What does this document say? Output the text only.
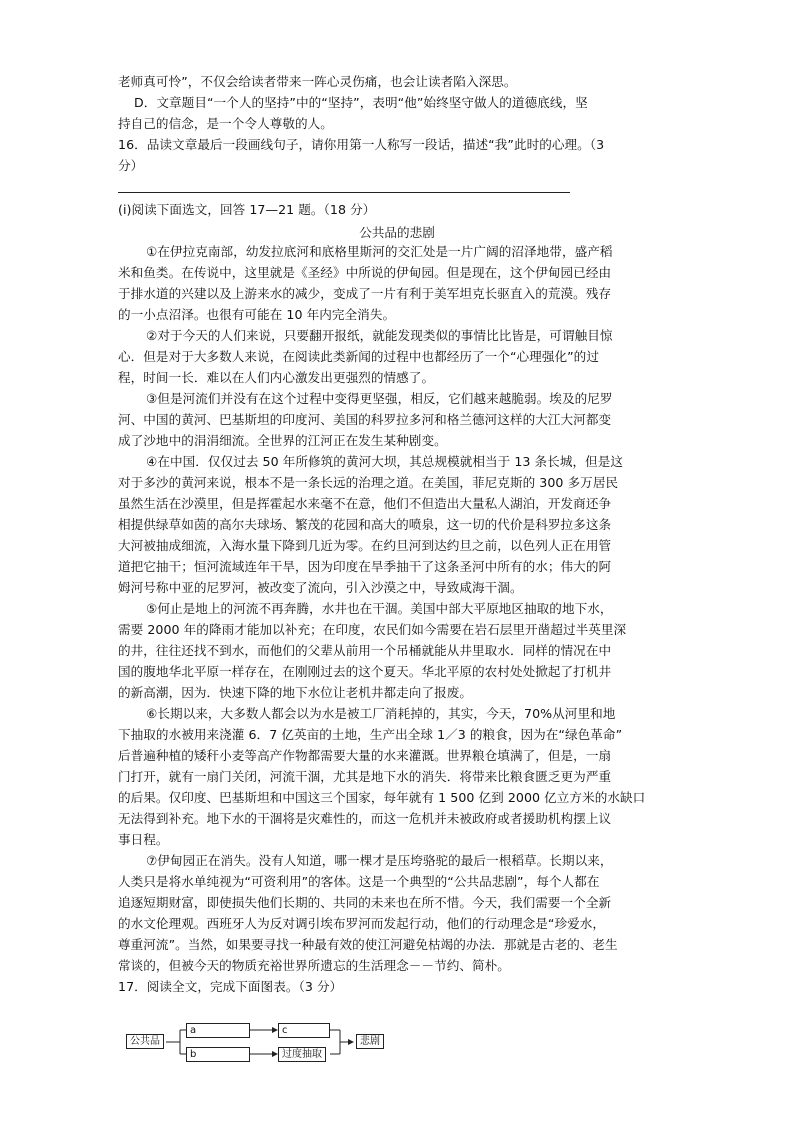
老师真可怜”，不仅会给读者带来一阵心灵伤痛，也会让读者陷入深思。
D．文章题目“一个人的坚持”中的“坚持”，表明“他”始终坚守做人的道德底线，坚
持自己的信念，是一个令人尊敬的人。
16．品读文章最后一段画线句子，请你用第一人称写一段话，描述“我”此时的心理。（3
分）
(i)阅读下面选文，回答 17—21 题。（18 分）
公共品的悲剧
①在伊拉克南部，幼发拉底河和底格里斯河的交汇处是一片广阔的沼泽地带，盛产稻
米和鱼类。在传说中，这里就是《圣经》中所说的伊甸园。但是现在，这个伊甸园已经由
于排水道的兴建以及上游来水的减少，变成了一片有利于美军坦克长驱直入的荒漠。残存
的一小点沼泽。也很有可能在 10 年内完全消失。
②对于今天的人们来说，只要翻开报纸，就能发现类似的事情比比皆是，可谓触目惊
心．但是对于大多数人来说，在阅读此类新闻的过程中也都经历了一个“心理强化”的过
程，时间一长．难以在人们内心激发出更强烈的情感了。
③但是河流们并没有在这个过程中变得更坚强，相反，它们越来越脆弱。埃及的尼罗
河、中国的黄河、巴基斯坦的印度河、美国的科罗拉多河和格兰德河这样的大江大河都变
成了沙地中的涓涓细流。全世界的江河正在发生某种剧变。
④在中国．仅仅过去 50 年所修筑的黄河大坝，其总规模就相当于 13 条长城，但是这
对于多沙的黄河来说，根本不是一条长远的治理之道。在美国，菲尼克斯的 300 多万居民
虽然生活在沙漠里，但是挥霍起水来毫不在意，他们不但造出大量私人湖泊，开发商还争
相提供绿草如茵的高尔夫球场、繁茂的花园和高大的喷泉，这一切的代价是科罗拉多这条
大河被抽成细流，入海水量下降到几近为零。在约旦河到达约旦之前，以色列人正在用管
道把它抽干；恒河流域连年干旱，因为印度在旱季抽干了这条圣河中所有的水；伟大的阿
姆河号称中亚的尼罗河，被改变了流向，引入沙漠之中，导致咸海干涸。
⑤何止是地上的河流不再奔腾，水井也在干涸。美国中部大平原地区抽取的地下水，
需要 2000 年的降雨才能加以补充；在印度，农民们如今需要在岩石层里开凿超过半英里深
的井，往往还找不到水，而他们的父辈从前用一个吊桶就能从井里取水．同样的情况在中
国的腹地华北平原一样存在，在刚刚过去的这个夏天。华北平原的农村处处掀起了打机井
的新高潮，因为．快速下降的地下水位让老机井都走向了报废。
⑥长期以来，大多数人都会以为水是被工厂消耗掉的，其实，今天，70%从河里和地
下抽取的水被用来浇灌 6．7 亿英亩的土地，生产出全球 1／3 的粮食，因为在“绿色革命”
后普遍种植的矮秆小麦等高产作物都需要大量的水来灌溉。世界粮仓填满了，但是，一扇
门打开，就有一扇门关闭，河流干涸，尤其是地下水的消失．将带来比粮食匮乏更为严重
的后果。仅印度、巴基斯坦和中国这三个国家，每年就有 1 500 亿到 2000 亿立方米的水缺口
无法得到补充。地下水的干涸将是灾难性的，而这一危机并未被政府或者援助机构摆上议
事日程。
⑦伊甸园正在消失。没有人知道，哪一棵才是压垮骆驼的最后一根稻草。长期以来，
人类只是将水单纯视为“可资利用”的客体。这是一个典型的“公共品悲剧”，每个人都在
追逐短期财富，即使损失他们长期的、共同的未来也在所不惜。今天，我们需要一个全新
的水文伦理观。西班牙人为反对调引埃布罗河而发起行动，他们的行动理念是“珍爱水，
尊重河流”。当然，如果要寻找一种最有效的使江河避免枯竭的办法．那就是古老的、老生
常谈的，但被今天的物质充裕世界所遗忘的生活理念－－节约、简朴。
17．阅读全文，完成下面图表。（3 分）
公共品
a
b
c
过度抽取
悲剧
